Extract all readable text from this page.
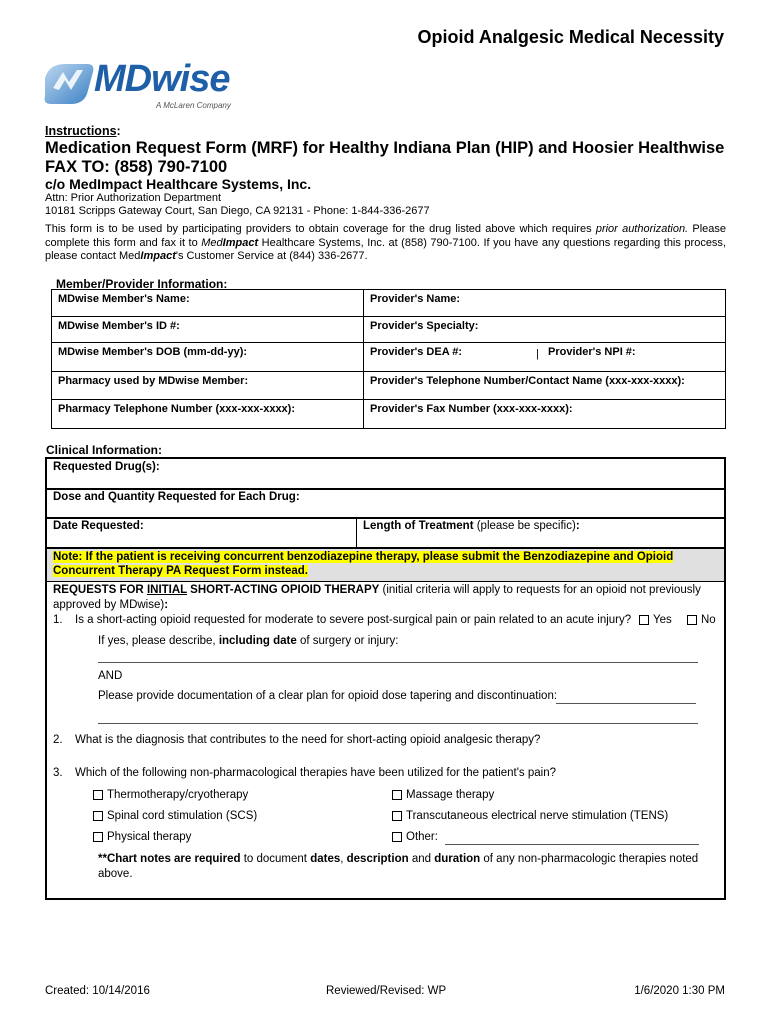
Opioid Analgesic Medical Necessity
MDwise
A McLaren Company
Instructions:
Medication Request Form (MRF) for Healthy Indiana Plan (HIP) and Hoosier Healthwise
FAX TO: (858) 790-7100
c/o MedImpact Healthcare Systems, Inc.
Attn: Prior Authorization Department
10181 Scripps Gateway Court, San Diego, CA 92131 - Phone: 1-844-336-2677
This form is to be used by participating providers to obtain coverage for the drug listed above which requires prior authorization. Please complete this form and fax it to MedImpact Healthcare Systems, Inc. at (858) 790-7100. If you have any questions regarding this process, please contact MedImpact's Customer Service at (844) 336-2677.
Member/Provider Information:
MDwise Member's Name:	Provider's Name:
MDwise Member's ID #:	Provider's Specialty:
MDwise Member's DOB (mm-dd-yy):	Provider's DEA #: | Provider's NPI #:

Pharmacy used by MDwise Member:	Provider's Telephone Number/Contact Name (xxx-xxx-xxxx):
Pharmacy Telephone Number (xxx-xxx-xxxx):	Provider's Fax Number (xxx-xxx-xxxx):
Clinical Information:
Requested Drug(s):
Dose and Quantity Requested for Each Drug:
Date Requested:	Length of Treatment (please be specific):
Note: If the patient is receiving concurrent benzodiazepine therapy, please submit the Benzodiazepine and Opioid
Concurrent Therapy PA Request Form instead.
REQUESTS FOR INITIAL SHORT-ACTING OPIOID THERAPY (initial criteria will apply to requests for an opioid not previously
approved by MDwise):
1. Is a short-acting opioid requested for moderate to severe post-surgical pain or pain related to an acute injury?	Yes	No
If yes, please describe, including date of surgery or injury:
AND
Please provide documentation of a clear plan for opioid dose tapering and discontinuation:
2. What is the diagnosis that contributes to the need for short-acting opioid analgesic therapy?
3. Which of the following non-pharmacological therapies have been utilized for the patient's pain?
Thermotherapy/cryotherapy
Spinal cord stimulation (SCS)
Physical therapy
Massage therapy
Transcutaneous electrical nerve stimulation (TENS)
Other:
**Chart notes are required to document dates, description and duration of any non-pharmacologic therapies noted
above.
Created: 10/14/2016	Reviewed/Revised: WP	1/6/2020 1:30 PM
